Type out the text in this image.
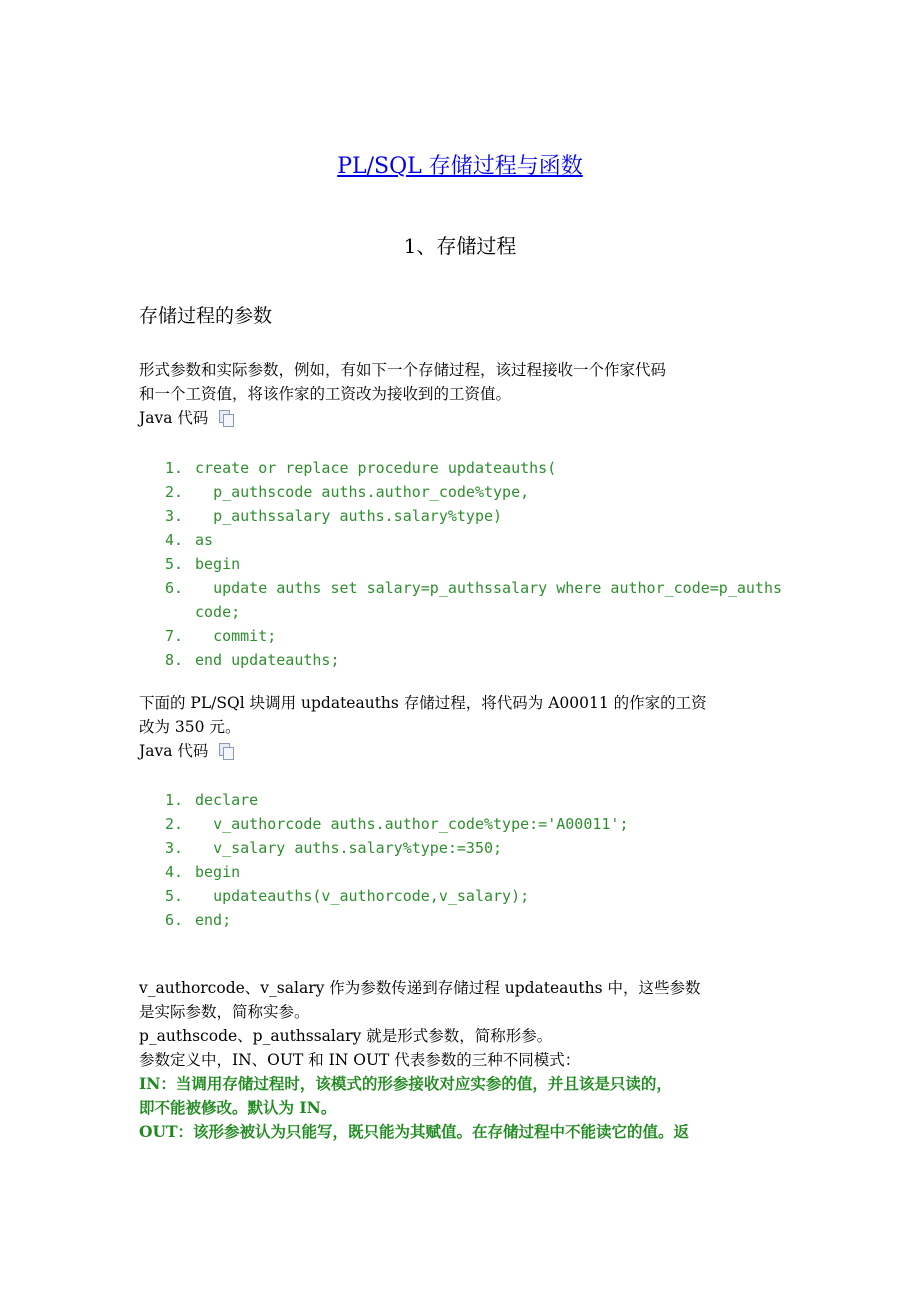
PL/SQL 存储过程与函数
1、存储过程
存储过程的参数

形式参数和实际参数，例如，有如下一个存储过程，该过程接收一个作家代码

和一个工资值，将该作家的工资改为接收到的工资值。

Java 代码
1. create or replace procedure updateauths(
2. p_authscode auths.author_code%type,
3. p_authssalary auths.salary%type)
4. as
5. begin
6. update auths set salary=p_authssalary where author_code=p_authscode;
7. commit;
8. end updateauths;

下面的 PL/SQl 块调用 updateauths 存储过程，将代码为 A00011 的作家的工资

改为 350 元。

Java 代码
1. declare
2. v_authorcode auths.author_code%type:='A00011';
3. v_salary auths.salary%type:=350;
4. begin
5. updateauths(v_authorcode,v_salary);
6. end;

v_authorcode、v_salary 作为参数传递到存储过程 updateauths 中，这些参数

是实际参数，简称实参。

p_authscode、p_authssalary 就是形式参数，简称形参。

参数定义中，IN、OUT 和 IN OUT 代表参数的三种不同模式：

IN：当调用存储过程时，该模式的形参接收对应实参的值，并且该是只读的，

即不能被修改。默认为 IN。

OUT：该形参被认为只能写，既只能为其赋值。在存储过程中不能读它的值。返
